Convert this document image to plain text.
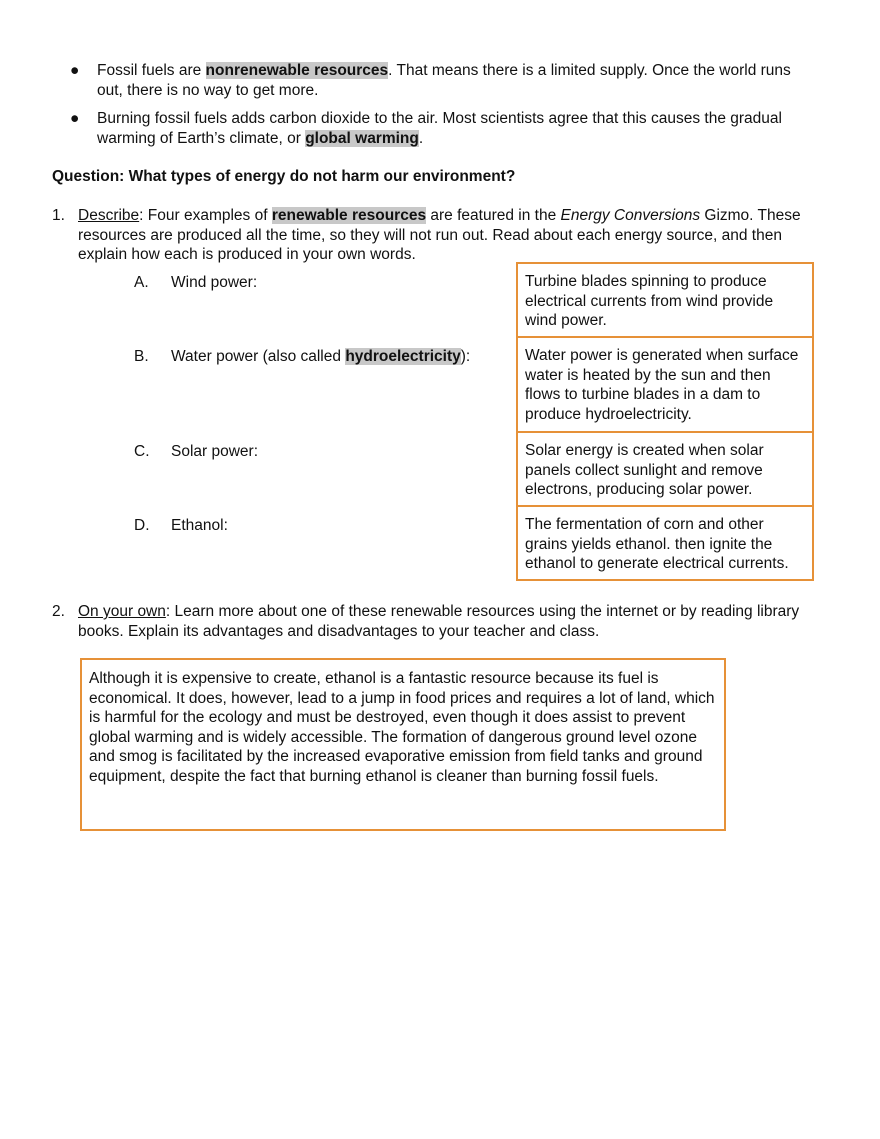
● Fossil fuels are nonrenewable resources. That means there is a limited supply. Once the world runs out, there is no way to get more.
● Burning fossil fuels adds carbon dioxide to the air. Most scientists agree that this causes the gradual warming of Earth’s climate, or global warming.
Question: What types of energy do not harm our environment?
1. Describe: Four examples of renewable resources are featured in the Energy Conversions Gizmo. These resources are produced all the time, so they will not run out. Read about each energy source, and then explain how each is produced in your own words.
A. Wind power:	Turbine blades spinning to produce electrical currents from wind provide wind power.
B. Water power (also called hydroelectricity):	Water power is generated when surface water is heated by the sun and then flows to turbine blades in a dam to produce hydroelectricity.
C. Solar power:	Solar energy is created when solar panels collect sunlight and remove electrons, producing solar power.
D. Ethanol:	The fermentation of corn and other grains yields ethanol. then ignite the ethanol to generate electrical currents.
2. On your own: Learn more about one of these renewable resources using the internet or by reading library books. Explain its advantages and disadvantages to your teacher and class.
Although it is expensive to create, ethanol is a fantastic resource because its fuel is economical. It does, however, lead to a jump in food prices and requires a lot of land, which is harmful for the ecology and must be destroyed, even though it does assist to prevent global warming and is widely accessible. The formation of dangerous ground level ozone and smog is facilitated by the increased evaporative emission from field tanks and ground equipment, despite the fact that burning ethanol is cleaner than burning fossil fuels.
